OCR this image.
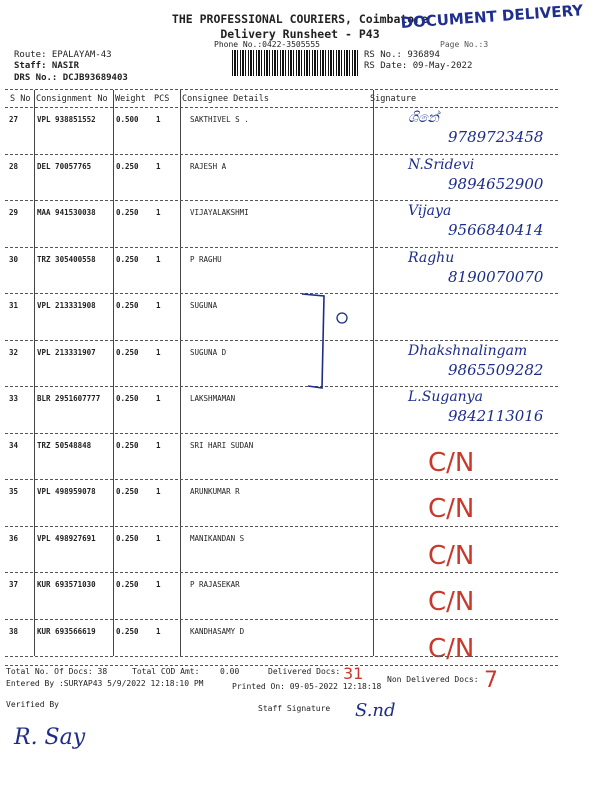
THE PROFESSIONAL COURIERS, Coimbatore
Delivery Runsheet - P43
Phone No.:0422-3505555	Page No.:3
DOCUMENT DELIVERY
Route: EPALAYAM-43
Staff: NASIR
DRS No.: DCJB93689403
RS No.: 936894
RS Date: 09-May-2022
S No Consignment No Weight PCS Consignee Details	Signature
27	VPL 938851552	0.500 1	SAKTHIVEL S .	ශිනේ
9789723458
28	DEL 70057765	0.250 1	RAJESH A	N.Sridevi
9894652900
29	MAA 941530038	0.250 1	VIJAYALAKSHMI	Vijaya
9566840414
30	TRZ 305400558	0.250 1	P RAGHU	Raghu
8190070070
31	VPL 213331908	0.250 1	SUGUNA
32	VPL 213331907	0.250 1	SUGUNA D	Dhakshnalingam
9865509282
33	BLR 2951607777 0.250 1	LAKSHMAMAN	L.Suganya
9842113016
34	TRZ 50548848	0.250 1	SRI HARI SUDAN
C/N
35	VPL 498959078	0.250 1	ARUNKUMAR R
C/N
36	VPL 498927691	0.250 1	MANIKANDAN S
C/N
37	KUR 693571030	0.250 1	P RAJASEKAR
C/N
38	KUR 693566619	0.250 1	KANDHASAMY D
C/N
Total No. Of Docs: 38	Total COD Amt:	0.00	Delivered Docs: 31	Non Delivered Docs: 7
Entered By :SURYAP43 5/9/2022 12:18:10 PM	Printed On: 09-05-2022 12:18:18
Verified By
R. Say
Staff Signature S.nd
